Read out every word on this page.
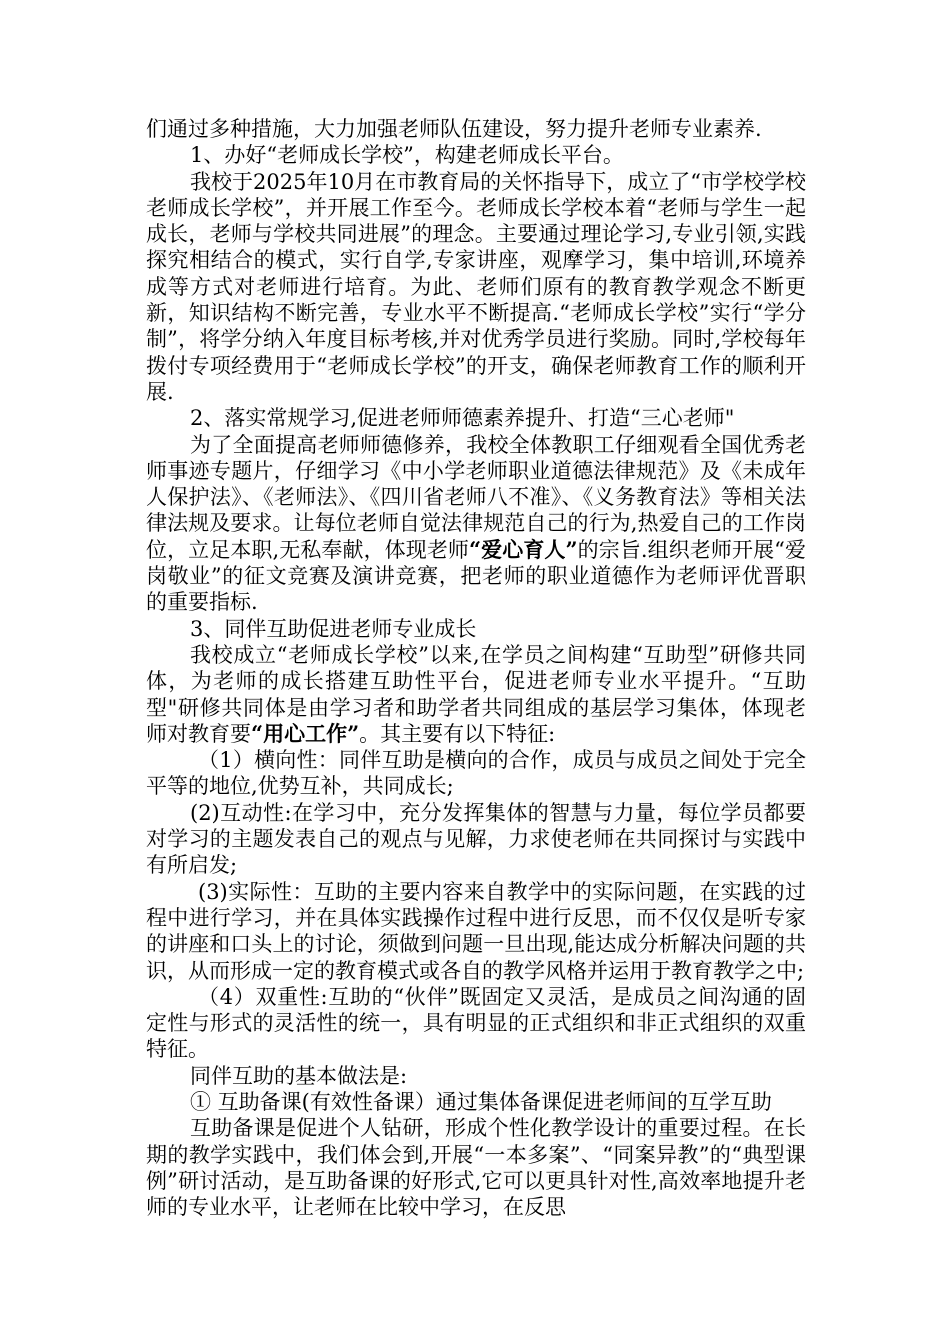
们通过多种措施，大力加强老师队伍建设，努力提升老师专业素养.

1、办好“老师成长学校”，构建老师成长平台。

我校于2025年10月在市教育局的关怀指导下，成立了“市学校学校老师成长学校”，并开展工作至今。老师成长学校本着“老师与学生一起成长，老师与学校共同进展”的理念。主要通过理论学习,专业引领,实践探究相结合的模式，实行自学,专家讲座，观摩学习，集中培训,环境养成等方式对老师进行培育。为此、老师们原有的教育教学观念不断更新，知识结构不断完善，专业水平不断提高.“老师成长学校”实行“学分制”，将学分纳入年度目标考核,并对优秀学员进行奖励。同时,学校每年拨付专项经费用于“老师成长学校”的开支，确保老师教育工作的顺利开展.

2、落实常规学习,促进老师师德素养提升、打造“三心老师"

为了全面提高老师师德修养，我校全体教职工仔细观看全国优秀老师事迹专题片，仔细学习《中小学老师职业道德法律规范》及《未成年人保护法》、《老师法》、《四川省老师八不准》、《义务教育法》等相关法律法规及要求。让每位老师自觉法律规范自己的行为,热爱自己的工作岗位，立足本职,无私奉献，体现老师“爱心育人”的宗旨.组织老师开展“爱岗敬业”的征文竞赛及演讲竞赛，把老师的职业道德作为老师评优晋职的重要指标.

3、同伴互助促进老师专业成长

我校成立“老师成长学校”以来,在学员之间构建“互助型”研修共同体，为老师的成长搭建互助性平台，促进老师专业水平提升。“互助型"研修共同体是由学习者和助学者共同组成的基层学习集体，体现老师对教育要“用心工作”。其主要有以下特征:

（1）横向性：同伴互助是横向的合作，成员与成员之间处于完全平等的地位,优势互补，共同成长;

(2)互动性:在学习中，充分发挥集体的智慧与力量，每位学员都要对学习的主题发表自己的观点与见解，力求使老师在共同探讨与实践中有所启发;

(3)实际性：互助的主要内容来自教学中的实际问题，在实践的过程中进行学习，并在具体实践操作过程中进行反思，而不仅仅是听专家的讲座和口头上的讨论，须做到问题一旦出现,能达成分析解决问题的共识，从而形成一定的教育模式或各自的教学风格并运用于教育教学之中;

（4）双重性:互助的“伙伴”既固定又灵活，是成员之间沟通的固定性与形式的灵活性的统一，具有明显的正式组织和非正式组织的双重特征。

同伴互助的基本做法是:

① 互助备课(有效性备课）通过集体备课促进老师间的互学互助

互助备课是促进个人钻研，形成个性化教学设计的重要过程。在长期的教学实践中，我们体会到,开展“一本多案”、“同案异教”的“典型课例”研讨活动，是互助备课的好形式,它可以更具针对性,高效率地提升老师的专业水平，让老师在比较中学习，在反思
